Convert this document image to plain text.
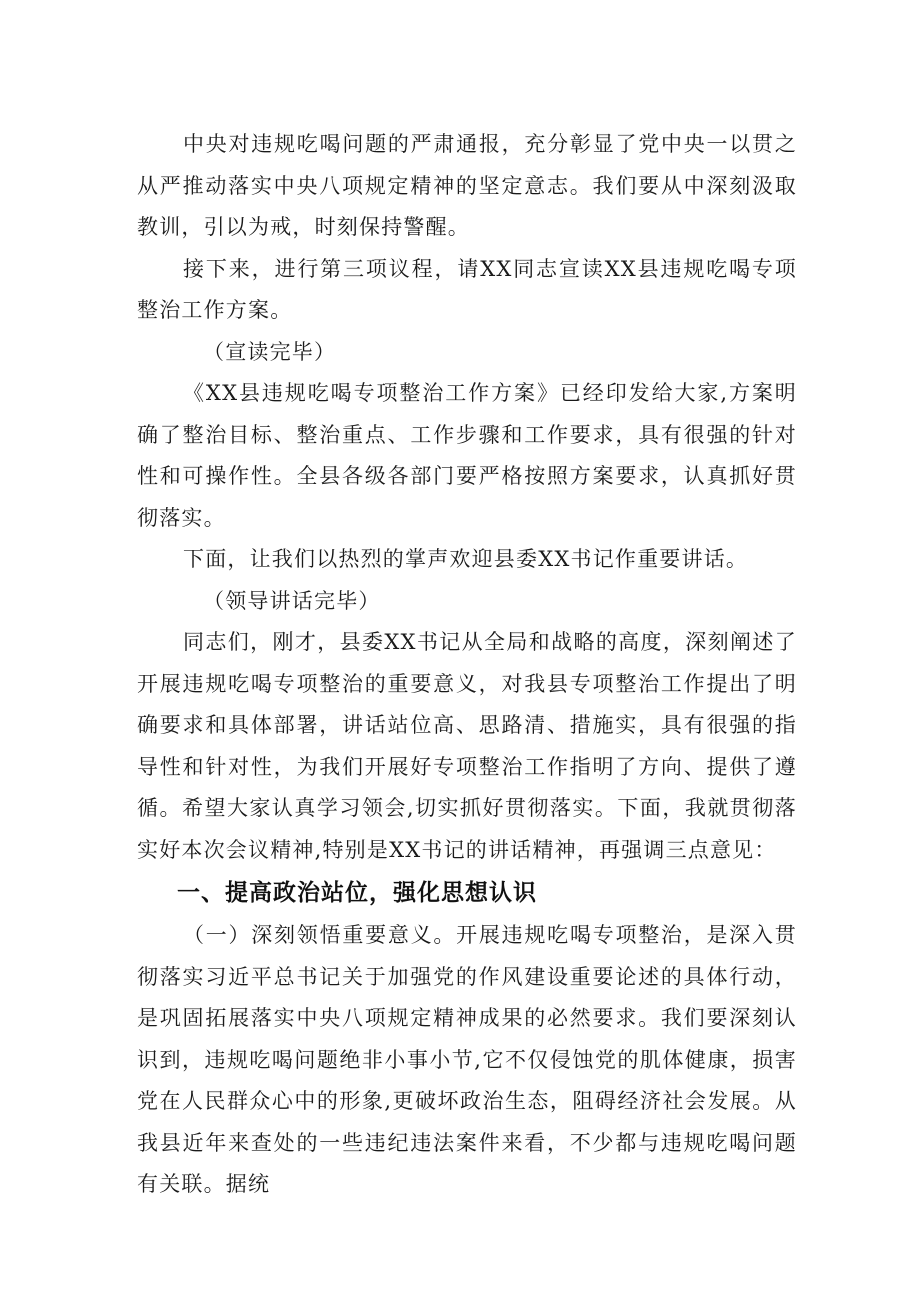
中央对违规吃喝问题的严肃通报，充分彰显了党中央一以贯之从严推动落实中央八项规定精神的坚定意志。我们要从中深刻汲取教训，引以为戒，时刻保持警醒。

接下来，进行第三项议程，请XX同志宣读XX县违规吃喝专项整治工作方案。

（宣读完毕）

《XX县违规吃喝专项整治工作方案》已经印发给大家,方案明确了整治目标、整治重点、工作步骤和工作要求，具有很强的针对性和可操作性。全县各级各部门要严格按照方案要求，认真抓好贯彻落实。

下面，让我们以热烈的掌声欢迎县委XX书记作重要讲话。

（领导讲话完毕）

同志们，刚才，县委XX书记从全局和战略的高度，深刻阐述了开展违规吃喝专项整治的重要意义，对我县专项整治工作提出了明确要求和具体部署，讲话站位高、思路清、措施实，具有很强的指导性和针对性，为我们开展好专项整治工作指明了方向、提供了遵循。希望大家认真学习领会,切实抓好贯彻落实。下面，我就贯彻落实好本次会议精神,特别是XX书记的讲话精神，再强调三点意见：

一、提高政治站位，强化思想认识

（一）深刻领悟重要意义。开展违规吃喝专项整治，是深入贯彻落实习近平总书记关于加强党的作风建设重要论述的具体行动，是巩固拓展落实中央八项规定精神成果的必然要求。我们要深刻认识到，违规吃喝问题绝非小事小节,它不仅侵蚀党的肌体健康，损害党在人民群众心中的形象,更破坏政治生态，阻碍经济社会发展。从我县近年来查处的一些违纪违法案件来看，不少都与违规吃喝问题有关联。据统
